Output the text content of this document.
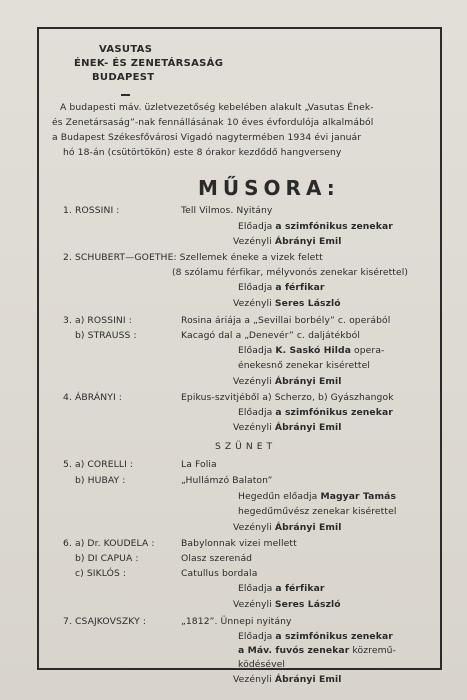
VASUTAS
ÉNEK- ÉS ZENETÁRSASÁG
BUDAPEST
A budapesti máv. üzletvezetőség kebelében alakult „Vasutas Ének-
és Zenetársaság”-nak fennállásának 10 éves évfordulója alkalmából
a Budapest Székesfővárosi Vigadó nagytermében 1934 évi január
hó 18-án (csütörtökön) este 8 órakor kezdődő hangverseny
MŰSORA:
1. ROSSINI :	Tell Vilmos. Nyitány
Előadja a szimfónikus zenekar
Vezényli Ábrányi Emil
2. SCHUBERT—GOETHE: Szellemek éneke a vizek felett
(8 szólamu férfikar, mélyvonós zenekar kisérettel)
Előadja a férfikar
Vezényli Seres László
3. a) ROSSINI :	Rosina áriája a „Sevillai borbély” c. operából
b) STRAUSS :	Kacagó dal a „Denevér” c. daljátékból
Előadja K. Saskó Hilda opera-
énekesnő zenekar kisérettel
Vezényli Ábrányi Emil
4. ÁBRÁNYI :	Epikus-szvitjéből a) Scherzo, b) Gyászhangok
Előadja a szimfónikus zenekar
Vezényli Ábrányi Emil
SZÜNET
5. a) CORELLI :	La Folia
b) HUBAY :	„Hullámzó Balaton”
Hegedűn előadja Magyar Tamás
hegedűművész zenekar kisérettel
Vezényli Ábrányi Emil
6. a) Dr. KOUDELA :	Babylonnak vizei mellett
b) DI CAPUA :	Olasz szerenád
c) SIKLÓS :	Catullus bordala
Előadja a férfikar
Vezényli Seres László
7. CSAJKOVSZKY :	„1812”. Ünnepi nyitány
Előadja a szimfónikus zenekar
a Máv. fuvós zenekar közremű-
ködésével
Vezényli Ábrányi Emil
